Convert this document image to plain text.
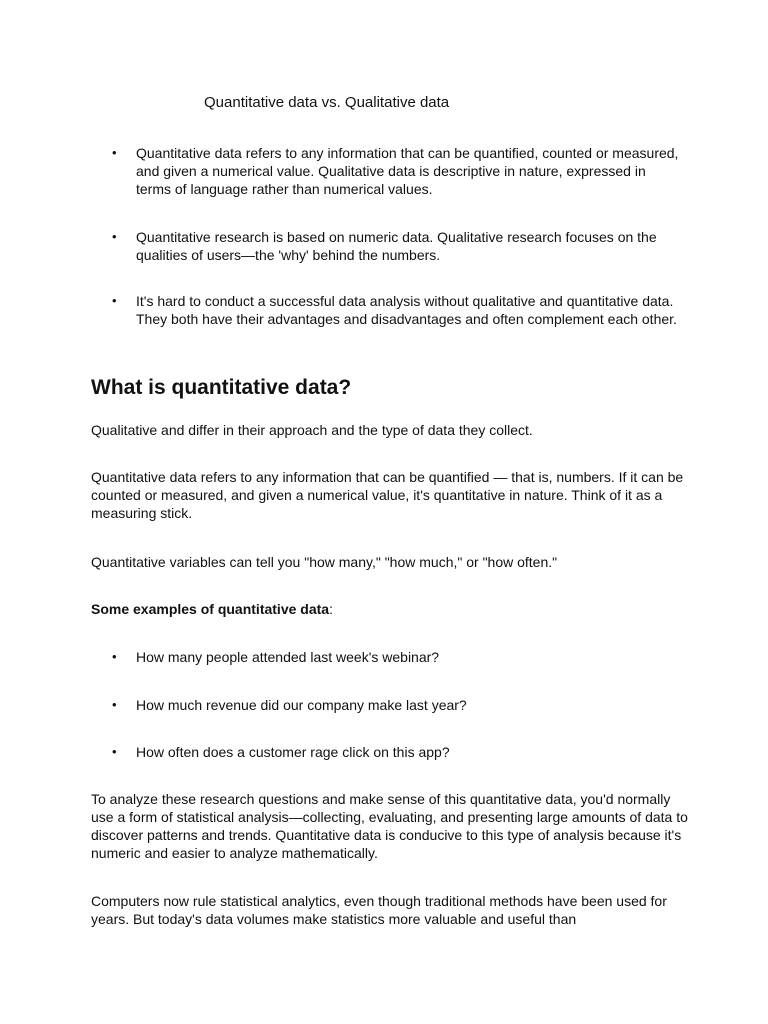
Quantitative data vs. Qualitative data
• Quantitative data refers to any information that can be quantified, counted or measured, and given a numerical value. Qualitative data is descriptive in nature, expressed in terms of language rather than numerical values.

• Quantitative research is based on numeric data. Qualitative research focuses on the qualities of users—the 'why' behind the numbers.

• It's hard to conduct a successful data analysis without qualitative and quantitative data. They both have their advantages and disadvantages and often complement each other.

What is quantitative data?

Qualitative and differ in their approach and the type of data they collect.

Quantitative data refers to any information that can be quantified — that is, numbers. If it can be counted or measured, and given a numerical value, it's quantitative in nature. Think of it as a measuring stick.

Quantitative variables can tell you "how many," "how much," or "how often."

Some examples of quantitative data:

• How many people attended last week's webinar?

• How much revenue did our company make last year?

• How often does a customer rage click on this app?

To analyze these research questions and make sense of this quantitative data, you'd normally use a form of statistical analysis—collecting, evaluating, and presenting large amounts of data to discover patterns and trends. Quantitative data is conducive to this type of analysis because it's numeric and easier to analyze mathematically.

Computers now rule statistical analytics, even though traditional methods have been used for years. But today's data volumes make statistics more valuable and useful than
